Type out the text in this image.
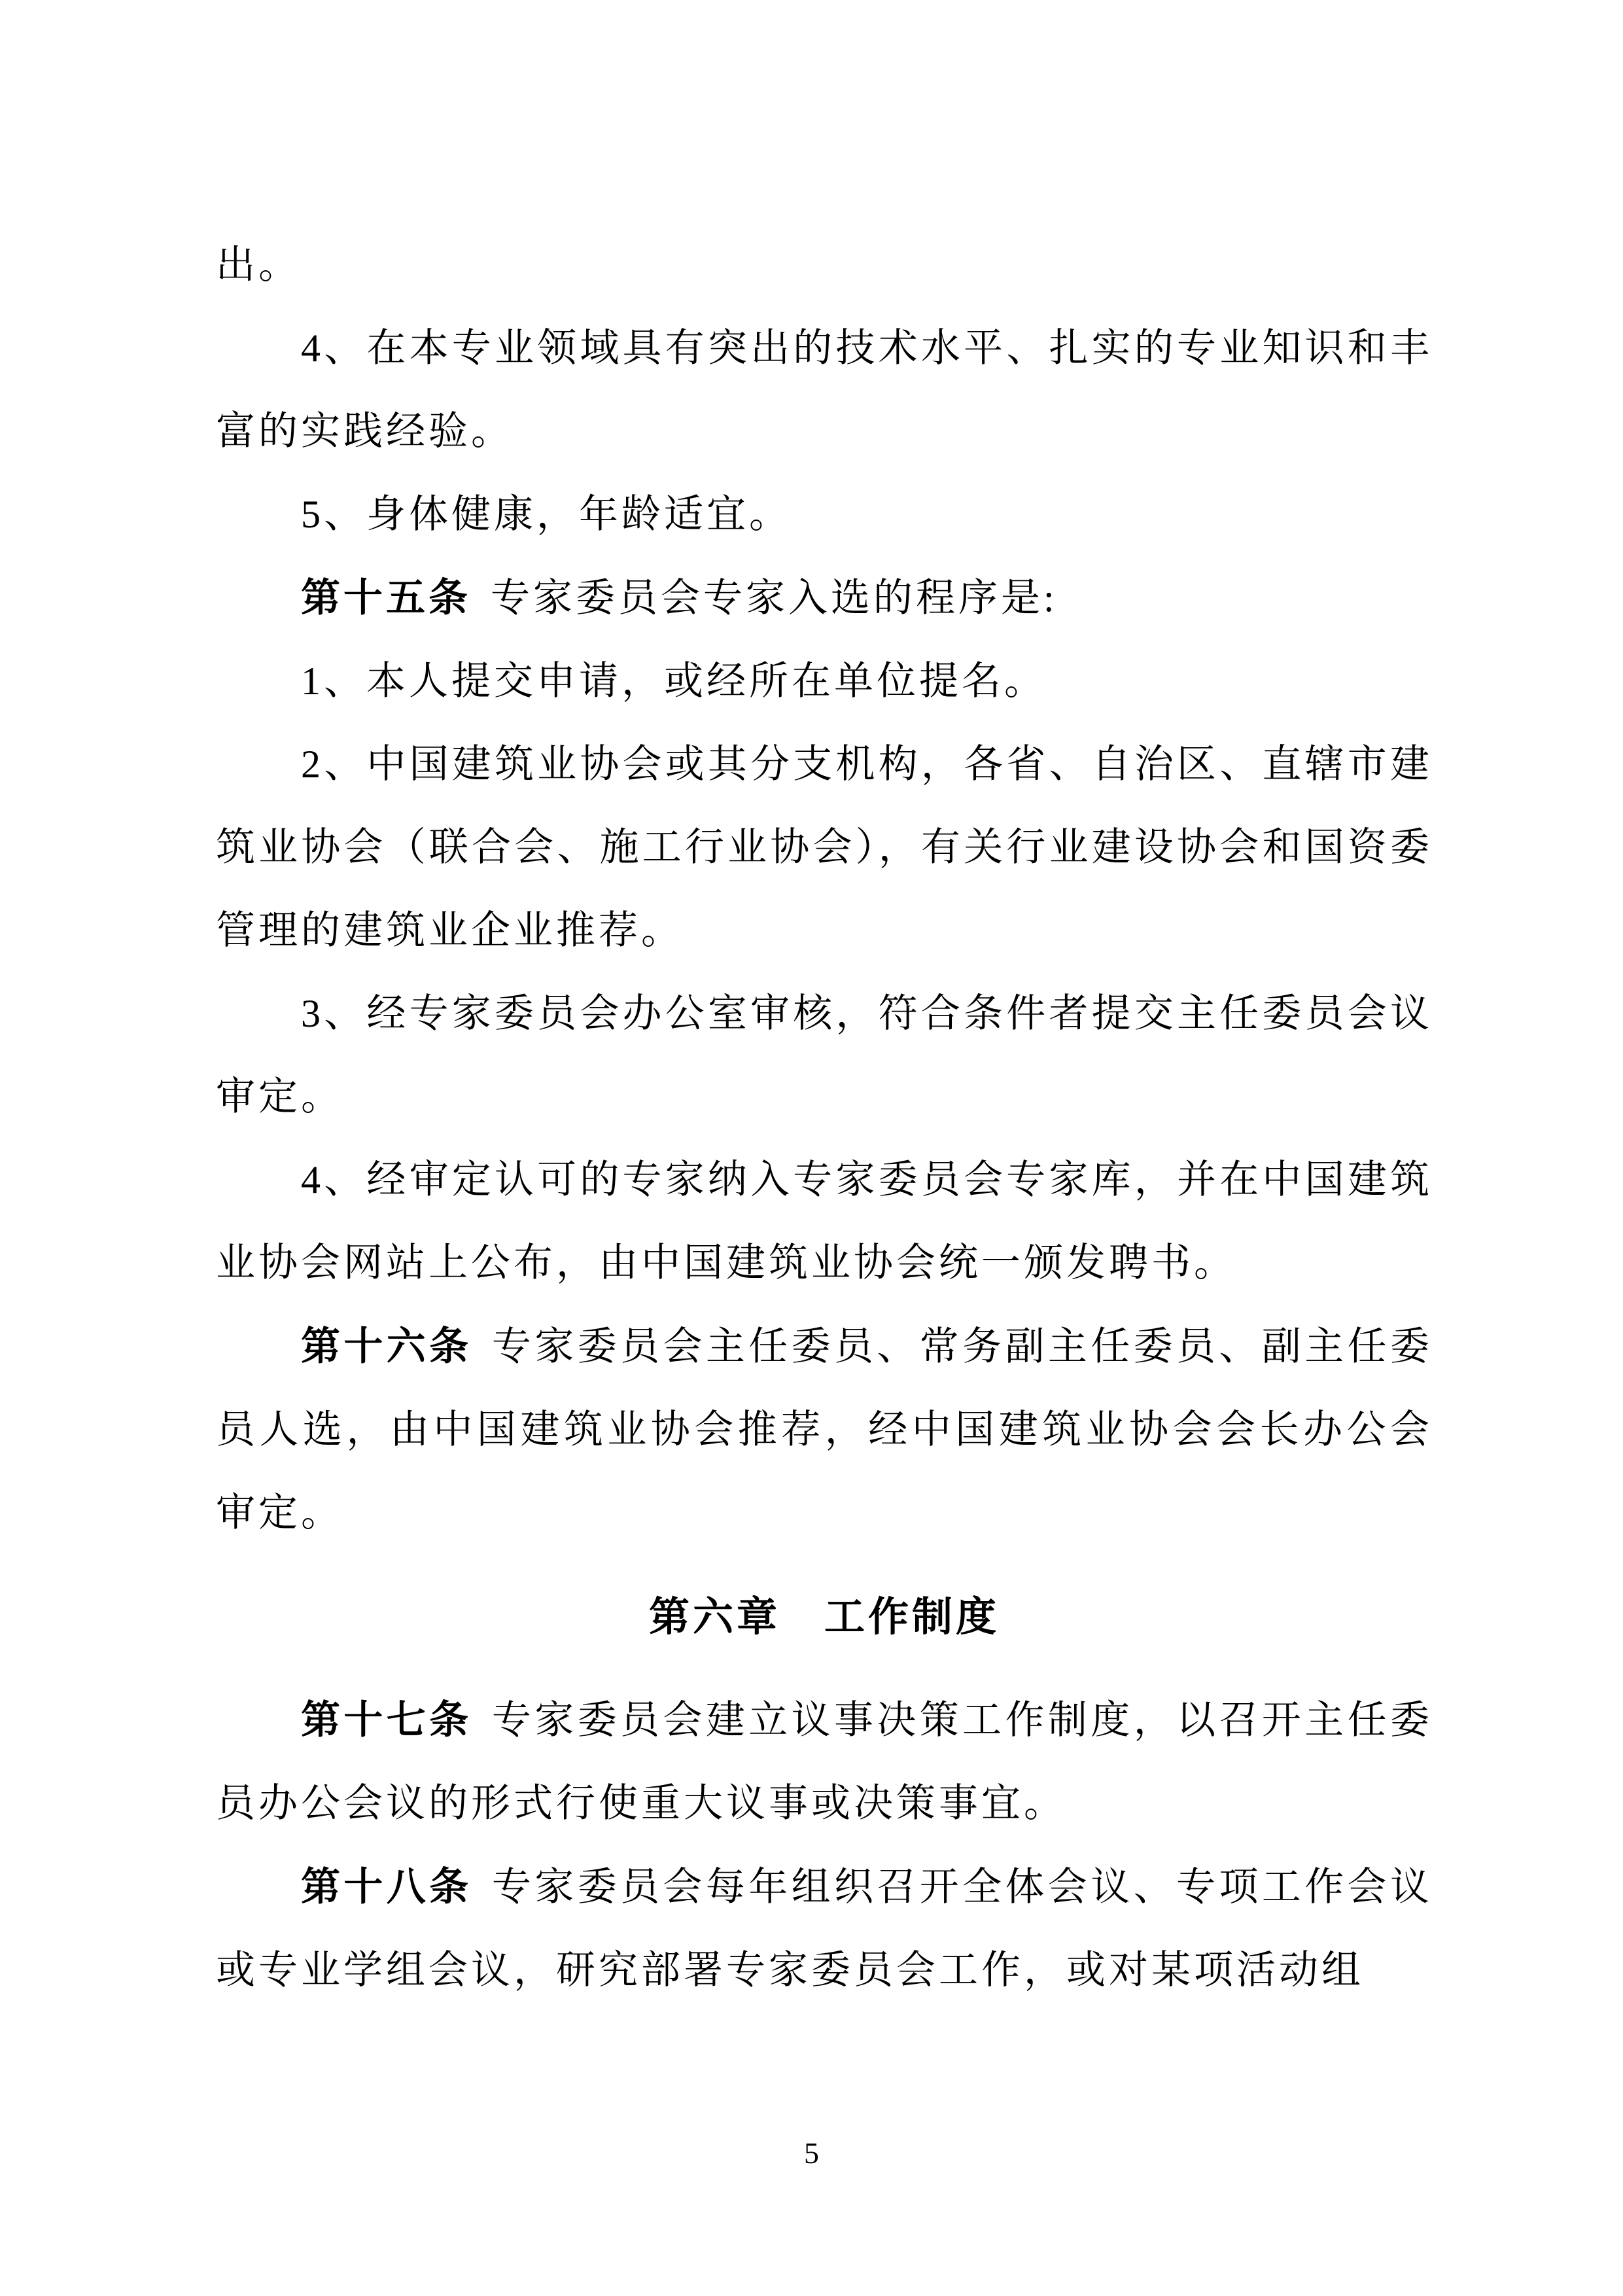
出。
4、在本专业领域具有突出的技术水平、扎实的专业知识和丰富的实践经验。
5、身体健康，年龄适宜。
第十五条 专家委员会专家入选的程序是:
1、本人提交申请，或经所在单位提名。
2、中国建筑业协会或其分支机构，各省、自治区、直辖市建筑业协会（联合会、施工行业协会），有关行业建设协会和国资委管理的建筑业企业推荐。
3、经专家委员会办公室审核，符合条件者提交主任委员会议审定。
4、经审定认可的专家纳入专家委员会专家库，并在中国建筑业协会网站上公布，由中国建筑业协会统一颁发聘书。
第十六条 专家委员会主任委员、常务副主任委员、副主任委员人选，由中国建筑业协会推荐，经中国建筑业协会会长办公会审定。
第六章　工作制度
第十七条 专家委员会建立议事决策工作制度，以召开主任委员办公会议的形式行使重大议事或决策事宜。
第十八条 专家委员会每年组织召开全体会议、专项工作会议或专业学组会议，研究部署专家委员会工作，或对某项活动组
5
